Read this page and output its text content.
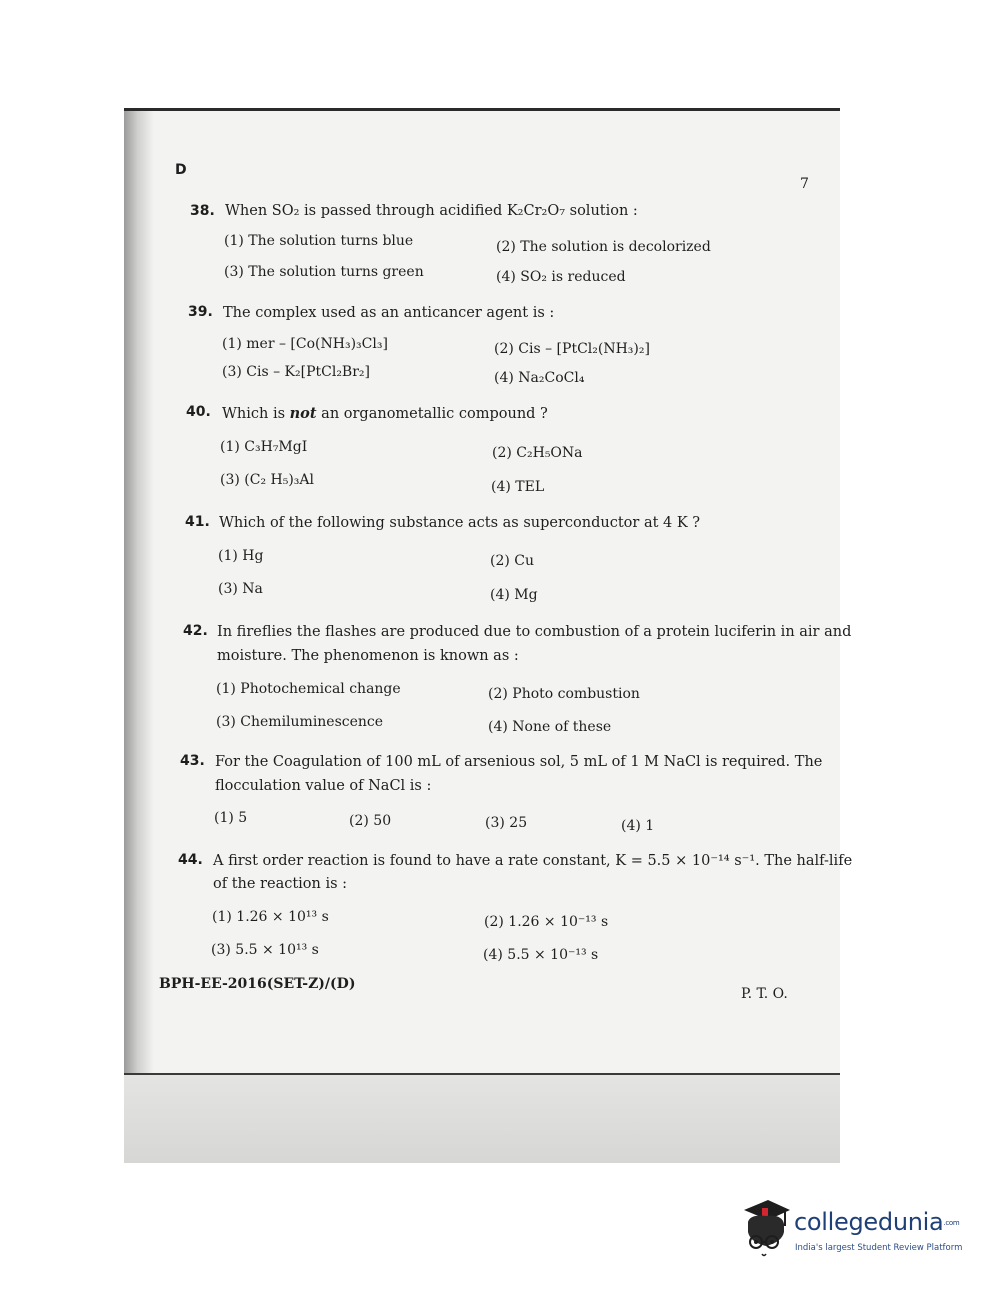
D
7
38. When SO₂ is passed through acidified K₂Cr₂O₇ solution :
(1) The solution turns blue	(2) The solution is decolorized
(3) The solution turns green	(4) SO₂ is reduced
39. The complex used as an anticancer agent is :
(1) mer – [Co(NH₃)₃Cl₃]	(2) Cis – [PtCl₂(NH₃)₂]
(3) Cis – K₂[PtCl₂Br₂]	(4) Na₂CoCl₄
40. Which is not an organometallic compound ?
(1) C₃H₇MgI	(2) C₂H₅ONa
(3) (C₂ H₅)₃Al	(4) TEL
41. Which of the following substance acts as superconductor at 4 K ?
(1) Hg	(2) Cu
(3) Na	(4) Mg
42. In fireflies the flashes are produced due to combustion of a protein luciferin in air and
moisture. The phenomenon is known as :
(1) Photochemical change	(2) Photo combustion
(3) Chemiluminescence	(4) None of these
43. For the Coagulation of 100 mL of arsenious sol, 5 mL of 1 M NaCl is required. The
flocculation value of NaCl is :
(1) 5	(2) 50	(3) 25	(4) 1
44. A first order reaction is found to have a rate constant, K = 5.5 × 10⁻¹⁴ s⁻¹. The half-life
of the reaction is :
(1) 1.26 × 10¹³ s	(2) 1.26 × 10⁻¹³ s
(3) 5.5 × 10¹³ s	(4) 5.5 × 10⁻¹³ s
BPH-EE-2016(SET-Z)/(D)
P. T. O.
collegedunia.com
India's largest Student Review Platform
